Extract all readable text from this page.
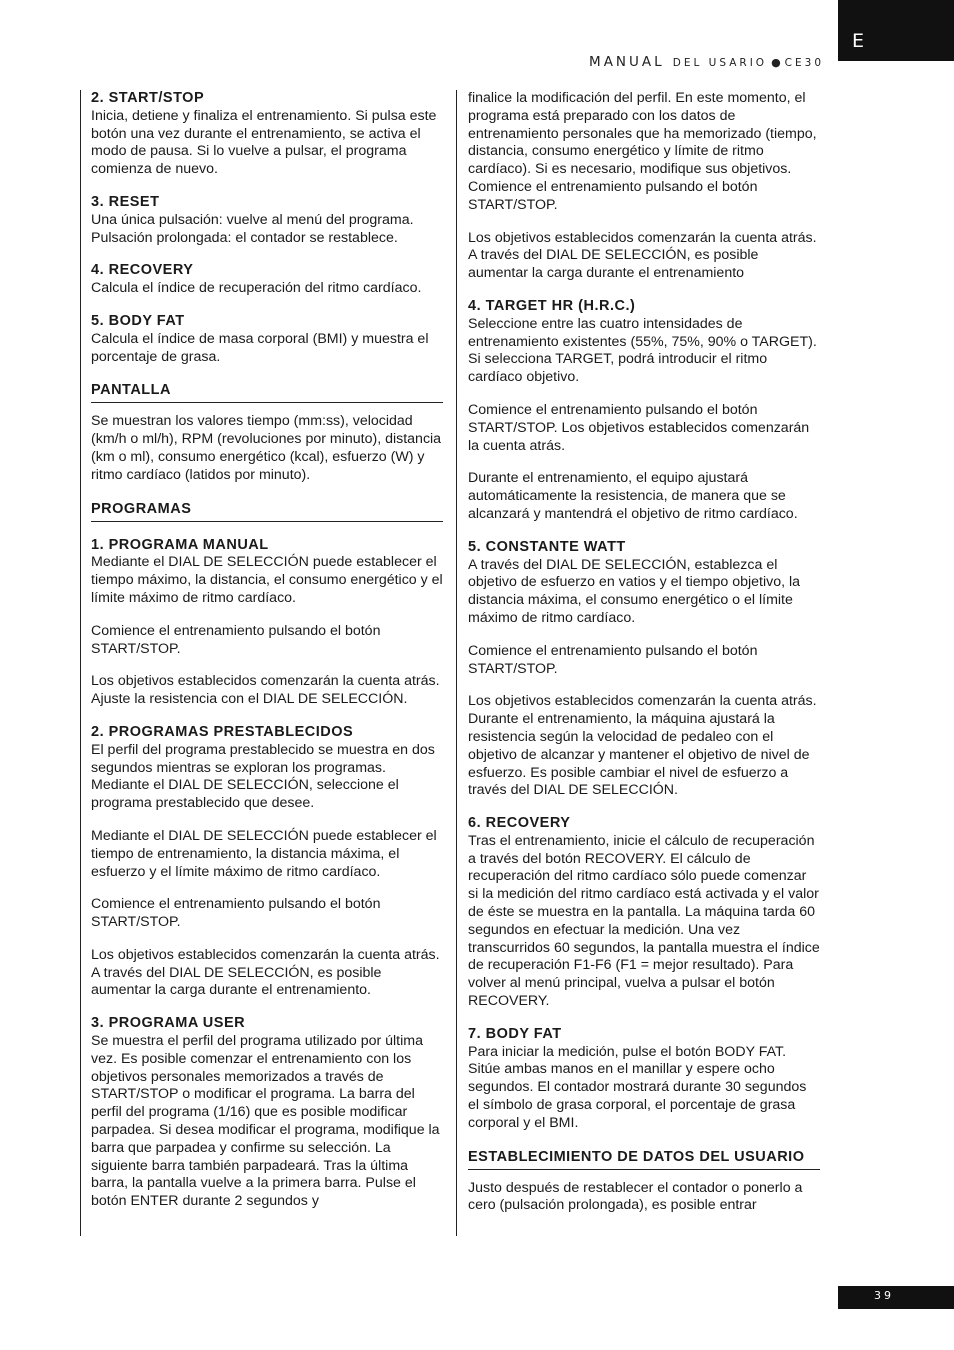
E
MANUAL DEL USARIO ● CE30
2. START/STOP

Inicia, detiene y finaliza el entrenamiento. Si pulsa este botón una vez durante el entrenamiento, se activa el modo de pausa. Si lo vuelve a pulsar, el programa comienza de nuevo.

3. RESET

Una única pulsación: vuelve al menú del programa. Pulsación prolongada: el contador se restablece.

4. RECOVERY

Calcula el índice de recuperación del ritmo cardíaco.

5. BODY FAT

Calcula el índice de masa corporal (BMI) y muestra el porcentaje de grasa.

PANTALLA

Se muestran los valores tiempo (mm:ss), velocidad (km/h o ml/h), RPM (revoluciones por minuto), distancia (km o ml), consumo energético (kcal), esfuerzo (W) y ritmo cardíaco (latidos por minuto).

PROGRAMAS
1. PROGRAMA MANUAL

Mediante el DIAL DE SELECCIÓN puede establecer el tiempo máximo, la distancia, el consumo energético y el límite máximo de ritmo cardíaco.

Comience el entrenamiento pulsando el botón START/STOP.

Los objetivos establecidos comenzarán la cuenta atrás. Ajuste la resistencia con el DIAL DE SELECCIÓN.

2. PROGRAMAS PRESTABLECIDOS

El perfil del programa prestablecido se muestra en dos segundos mientras se exploran los programas. Mediante el DIAL DE SELECCIÓN, seleccione el programa prestablecido que desee.

Mediante el DIAL DE SELECCIÓN puede establecer el tiempo de entrenamiento, la distancia máxima, el esfuerzo y el límite máximo de ritmo cardíaco.

Comience el entrenamiento pulsando el botón START/STOP.

Los objetivos establecidos comenzarán la cuenta atrás. A través del DIAL DE SELECCIÓN, es posible aumentar la carga durante el entrenamiento.

3. PROGRAMA USER

Se muestra el perfil del programa utilizado por última vez. Es posible comenzar el entrenamiento con los objetivos personales memorizados a través de START/STOP o modificar el programa. La barra del perfil del programa (1/16) que es posible modificar parpadea. Si desea modificar el programa, modifique la barra que parpadea y confirme su selección. La siguiente barra también parpadeará. Tras la última barra, la pantalla vuelve a la primera barra. Pulse el botón ENTER durante 2 segundos y

finalice la modificación del perfil. En este momento, el programa está preparado con los datos de entrenamiento personales que ha memorizado (tiempo, distancia, consumo energético y límite de ritmo cardíaco). Si es necesario, modifique sus objetivos. Comience el entrenamiento pulsando el botón START/STOP.

Los objetivos establecidos comenzarán la cuenta atrás. A través del DIAL DE SELECCIÓN, es posible aumentar la carga durante el entrenamiento

4. TARGET HR (H.R.C.)

Seleccione entre las cuatro intensidades de entrenamiento existentes (55%, 75%, 90% o TARGET). Si selecciona TARGET, podrá introducir el ritmo cardíaco objetivo.

Comience el entrenamiento pulsando el botón START/STOP. Los objetivos establecidos comenzarán la cuenta atrás.

Durante el entrenamiento, el equipo ajustará automáticamente la resistencia, de manera que se alcanzará y mantendrá el objetivo de ritmo cardíaco.

5. CONSTANTE WATT

A través del DIAL DE SELECCIÓN, establezca el objetivo de esfuerzo en vatios y el tiempo objetivo, la distancia máxima, el consumo energético o el límite máximo de ritmo cardíaco.

Comience el entrenamiento pulsando el botón START/STOP.

Los objetivos establecidos comenzarán la cuenta atrás. Durante el entrenamiento, la máquina ajustará la resistencia según la velocidad de pedaleo con el objetivo de alcanzar y mantener el objetivo de nivel de esfuerzo. Es posible cambiar el nivel de esfuerzo a través del DIAL DE SELECCIÓN.

6. RECOVERY

Tras el entrenamiento, inicie el cálculo de recuperación a través del botón RECOVERY. El cálculo de recuperación del ritmo cardíaco sólo puede comenzar si la medición del ritmo cardíaco está activada y el valor de éste se muestra en la pantalla. La máquina tarda 60 segundos en efectuar la medición. Una vez transcurridos 60 segundos, la pantalla muestra el índice de recuperación F1-F6 (F1 = mejor resultado). Para volver al menú principal, vuelva a pulsar el botón RECOVERY.

7. BODY FAT

Para iniciar la medición, pulse el botón BODY FAT. Sitúe ambas manos en el manillar y espere ocho segundos. El contador mostrará durante 30 segundos el símbolo de grasa corporal, el porcentaje de grasa corporal y el BMI.

ESTABLECIMIENTO DE DATOS DEL USUARIO

Justo después de restablecer el contador o ponerlo a cero (pulsación prolongada), es posible entrar

39
